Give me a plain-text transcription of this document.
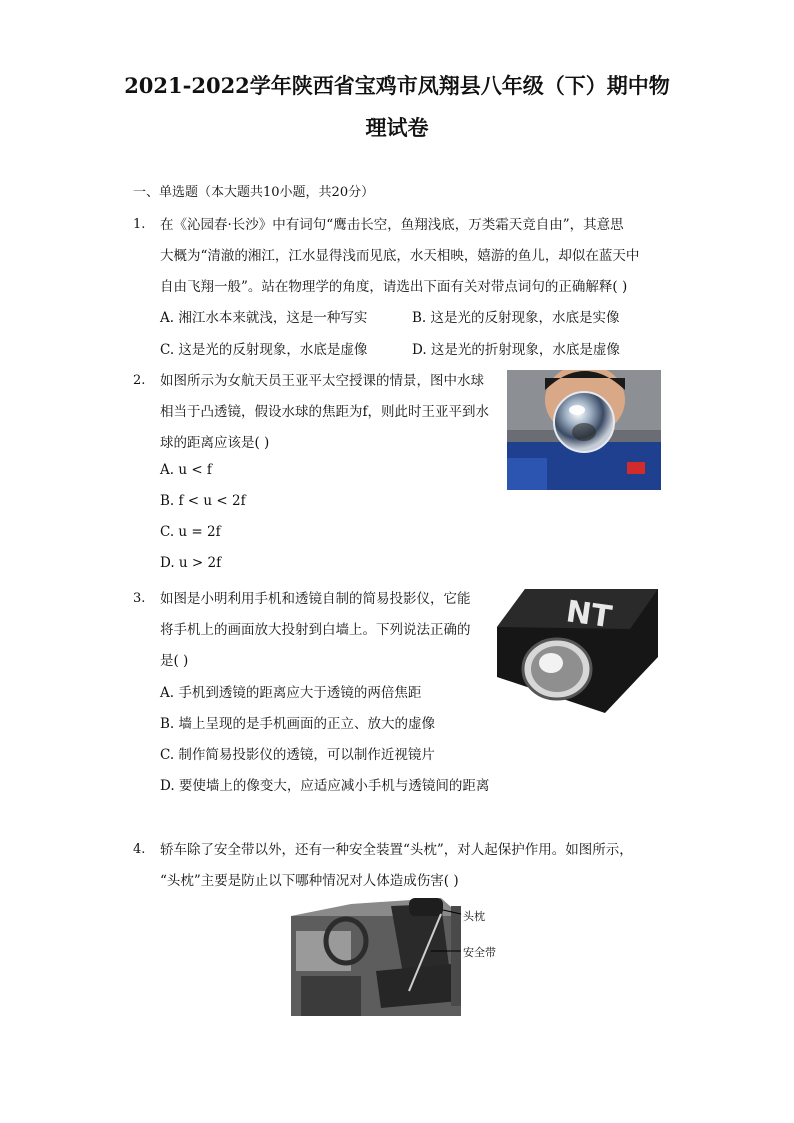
2021-2022学年陕西省宝鸡市凤翔县八年级（下）期中物
理试卷
一、单选题（本大题共10小题，共20分）
1. 在《沁园春·长沙》中有词句“鹰击长空，鱼翔浅底，万类霜天竞自由”，其意思
大概为“清澈的湘江，江水显得浅而见底，水天相映，嬉游的鱼儿，却似在蓝天中
自由飞翔一般”。站在物理学的角度，请选出下面有关对带点词句的正确解释( )
A. 湘江水本来就浅，这是一种写实	B. 这是光的反射现象，水底是实像
C. 这是光的反射现象，水底是虚像	D. 这是光的折射现象，水底是虚像
2. 如图所示为女航天员王亚平太空授课的情景，图中水球
相当于凸透镜，假设水球的焦距为f，则此时王亚平到水
球的距离应该是( )
A. u < f
B. f < u < 2f
C. u = 2f
D. u > 2f
3. 如图是小明利用手机和透镜自制的简易投影仪，它能
将手机上的画面放大投射到白墙上。下列说法正确的
是( )
A. 手机到透镜的距离应大于透镜的两倍焦距
B. 墙上呈现的是手机画面的正立、放大的虚像
C. 制作简易投影仪的透镜，可以制作近视镜片
D. 要使墙上的像变大，应适应减小手机与透镜间的距离
NT
4. 轿车除了安全带以外，还有一种安全装置“头枕”，对人起保护作用。如图所示，
“头枕”主要是防止以下哪种情况对人体造成伤害( )
头枕
安全带
